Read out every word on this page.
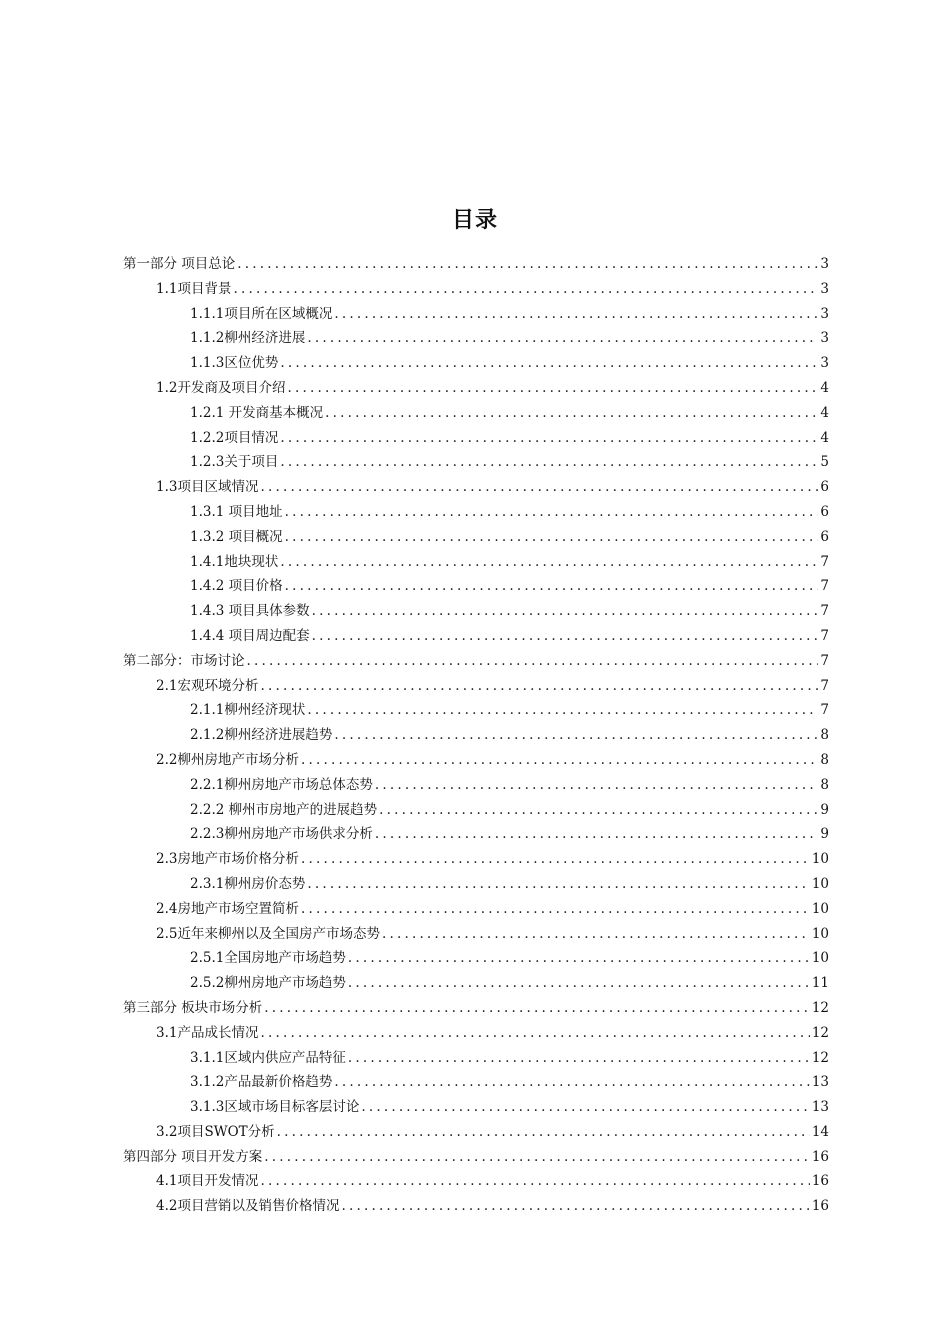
目录
第一部分 项目总论 .....	3
1.1项目背景 .....	3
1.1.1项目所在区域概况 .....	3
1.1.2柳州经济进展 .....	3
1.1.3区位优势 .....	3
1.2开发商及项目介绍 .....	4
1.2.1 开发商基本概况 .....	4
1.2.2项目情况 .....	4
1.2.3关于项目 .....	5
1.3项目区域情况 .....	6
1.3.1 项目地址 .....	6
1.3.2 项目概况 .....	6
1.4.1地块现状 .....	7
1.4.2 项目价格 .....	7
1.4.3 项目具体参数 .....	7
1.4.4 项目周边配套 .....	7
第二部分：市场讨论 .....	7
2.1宏观环境分析 .....	7
2.1.1柳州经济现状 .....	7
2.1.2柳州经济进展趋势 .....	8
2.2柳州房地产市场分析 .....	8
2.2.1柳州房地产市场总体态势 .....	8
2.2.2 柳州市房地产的进展趋势 .....	9
2.2.3柳州房地产市场供求分析 .....	9
2.3房地产市场价格分析 .....	10
2.3.1柳州房价态势 .....	10
2.4房地产市场空置简析 .....	10
2.5近年来柳州以及全国房产市场态势 .....	10
2.5.1全国房地产市场趋势 .....	10
2.5.2柳州房地产市场趋势 .....	11
第三部分 板块市场分析 .....	12
3.1产品成长情况 .....	12
3.1.1区域内供应产品特征 .....	12
3.1.2产品最新价格趋势 .....	13
3.1.3区域市场目标客层讨论 .....	13
3.2项目SWOT分析 .....	14
第四部分 项目开发方案 .....	16
4.1项目开发情况 .....	16
4.2项目营销以及销售价格情况 .....	16
